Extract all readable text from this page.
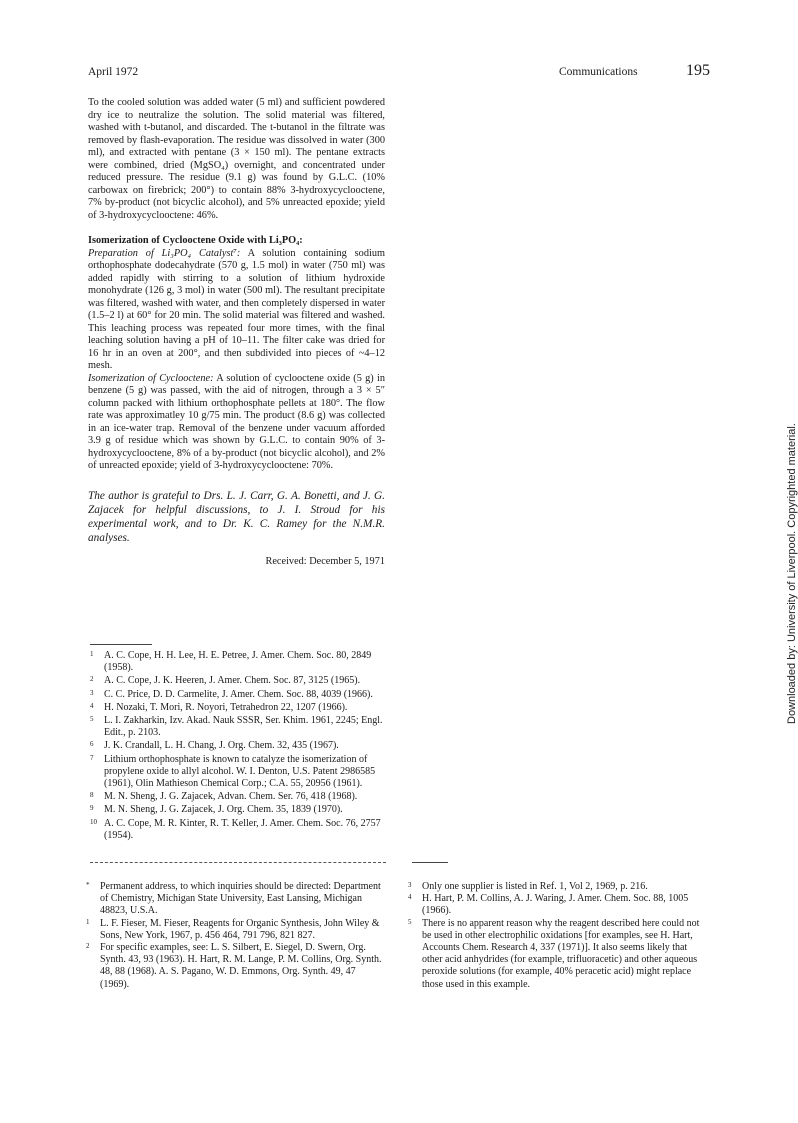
April 1972	Communications	195

To the cooled solution was added water (5 ml) and sufficient powdered dry ice to neutralize the solution. The solid material was filtered, washed with t-butanol, and discarded. The t-butanol in the filtrate was removed by flash-evaporation. The residue was dissolved in water (300 ml), and extracted with pentane (3 × 150 ml). The pentane extracts were combined, dried (MgSO₄) overnight, and concentrated under reduced pressure. The residue (9.1 g) was found by G.L.C. (10% carbowax on firebrick; 200°) to contain 88% 3-hydroxycyclooctene, 7% by-product (not bicyclic alcohol), and 5% unreacted epoxide; yield of 3-hydroxycyclooctene: 46%.

Isomerization of Cyclooctene Oxide with Li₃PO₄:

Preparation of Li₃PO₄ Catalyst⁷: A solution containing sodium orthophosphate dodecahydrate (570 g, 1.5 mol) in water (750 ml) was added rapidly with stirring to a solution of lithium hydroxide monohydrate (126 g, 3 mol) in water (500 ml). The resultant precipitate was filtered, washed with water, and then completely dispersed in water (1.5–2 l) at 60° for 20 min. The solid material was filtered and washed. This leaching process was repeated four more times, with the final leaching solution having a pH of 10–11. The filter cake was dried for 16 hr in an oven at 200°, and then subdivided into pieces of ~4–12 mesh.

Isomerization of Cyclooctene: A solution of cyclooctene oxide (5 g) in benzene (5 g) was passed, with the aid of nitrogen, through a 3 × 5″ column packed with lithium orthophosphate pellets at 180°. The flow rate was approximatley 10 g/75 min. The product (8.6 g) was collected in an ice-water trap. Removal of the benzene under vacuum afforded 3.9 g of residue which was shown by G.L.C. to contain 90% of 3-hydroxycyclooctene, 8% of a by-product (not bicyclic alcohol), and 2% of unreacted epoxide; yield of 3-hydroxycyclooctene: 70%.

The author is grateful to Drs. L. J. Carr, G. A. Bonetti, and J. G. Zajacek for helpful discussions, to J. I. Stroud for his experimental work, and to Dr. K. C. Ramey for the N.M.R. analyses.

Received: December 5, 1971

1 A. C. Cope, H. H. Lee, H. E. Petree, J. Amer. Chem. Soc. 80, 2849 (1958).
2 A. C. Cope, J. K. Heeren, J. Amer. Chem. Soc. 87, 3125 (1965).
3 C. C. Price, D. D. Carmelite, J. Amer. Chem. Soc. 88, 4039 (1966).
4 H. Nozaki, T. Mori, R. Noyori, Tetrahedron 22, 1207 (1966).
5 L. I. Zakharkin, Izv. Akad. Nauk SSSR, Ser. Khim. 1961, 2245; Engl. Edit., p. 2103.
6 J. K. Crandall, L. H. Chang, J. Org. Chem. 32, 435 (1967).
7 Lithium orthophosphate is known to catalyze the isomerization of propylene oxide to allyl alcohol. W. I. Denton, U.S. Patent 2986585 (1961), Olin Mathieson Chemical Corp.; C.A. 55, 20956 (1961).
8 M. N. Sheng, J. G. Zajacek, Advan. Chem. Ser. 76, 418 (1968).
9 M. N. Sheng, J. G. Zajacek, J. Org. Chem. 35, 1839 (1970).
10 A. C. Cope, M. R. Kinter, R. T. Keller, J. Amer. Chem. Soc. 76, 2757 (1954).
* Permanent address, to which inquiries should be directed: Department of Chemistry, Michigan State University, East Lansing, Michigan 48823, U.S.A.
1 L. F. Fieser, M. Fieser, Reagents for Organic Synthesis, John Wiley & Sons, New York, 1967, p. 456 464, 791 796, 821 827.
2 For specific examples, see: L. S. Silbert, E. Siegel, D. Swern, Org. Synth. 43, 93 (1963). H. Hart, R. M. Lange, P. M. Collins, Org. Synth. 48, 88 (1968). A. S. Pagano, W. D. Emmons, Org. Synth. 49, 47 (1969).
3 Only one supplier is listed in Ref. 1, Vol 2, 1969, p. 216.
4 H. Hart, P. M. Collins, A. J. Waring, J. Amer. Chem. Soc. 88, 1005 (1966).
5 There is no apparent reason why the reagent described here could not be used in other electrophilic oxidations [for examples, see H. Hart, Accounts Chem. Research 4, 337 (1971)]. It also seems likely that other acid anhydrides (for example, trifluoracetic) and other aqueous peroxide solutions (for example, 40% peracetic acid) might replace those used in this example.
Downloaded by: University of Liverpool. Copyrighted material.
